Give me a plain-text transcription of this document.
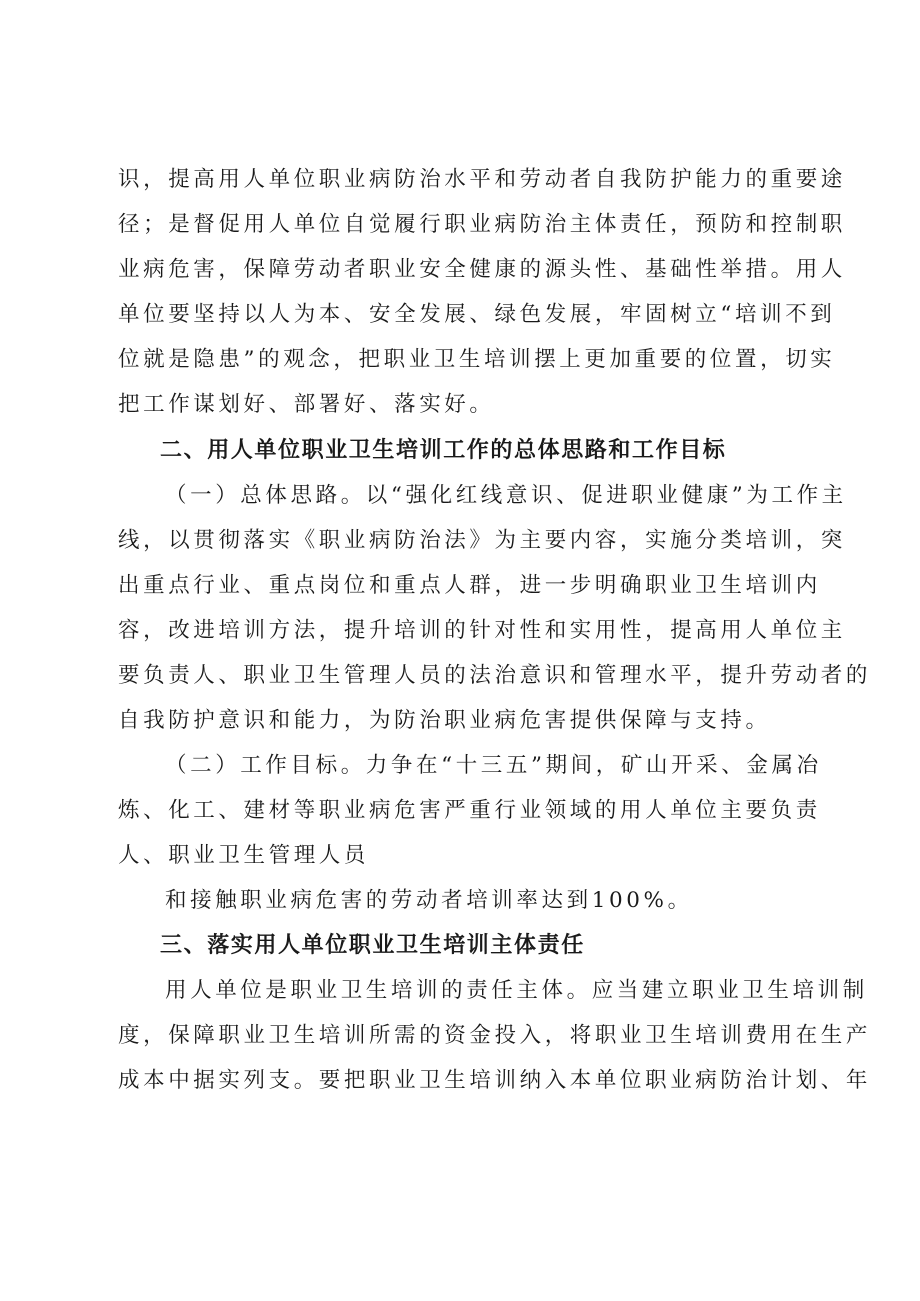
识，提高用人单位职业病防治水平和劳动者自我防护能力的重要途
径；是督促用人单位自觉履行职业病防治主体责任，预防和控制职
业病危害，保障劳动者职业安全健康的源头性、基础性举措。用人
单位要坚持以人为本、安全发展、绿色发展，牢固树立“培训不到
位就是隐患”的观念，把职业卫生培训摆上更加重要的位置，切实
把工作谋划好、部署好、落实好。
二、用人单位职业卫生培训工作的总体思路和工作目标
（一）总体思路。以“强化红线意识、促进职业健康”为工作主
线，以贯彻落实《职业病防治法》为主要内容，实施分类培训，突
出重点行业、重点岗位和重点人群，进一步明确职业卫生培训内
容，改进培训方法，提升培训的针对性和实用性，提高用人单位主
要负责人、职业卫生管理人员的法治意识和管理水平，提升劳动者的
自我防护意识和能力，为防治职业病危害提供保障与支持。
（二）工作目标。力争在“十三五”期间，矿山开采、金属冶
炼、化工、建材等职业病危害严重行业领域的用人单位主要负责
人、职业卫生管理人员
和接触职业病危害的劳动者培训率达到100%。
三、落实用人单位职业卫生培训主体责任
用人单位是职业卫生培训的责任主体。应当建立职业卫生培训制
度，保障职业卫生培训所需的资金投入，将职业卫生培训费用在生产
成本中据实列支。要把职业卫生培训纳入本单位职业病防治计划、年
